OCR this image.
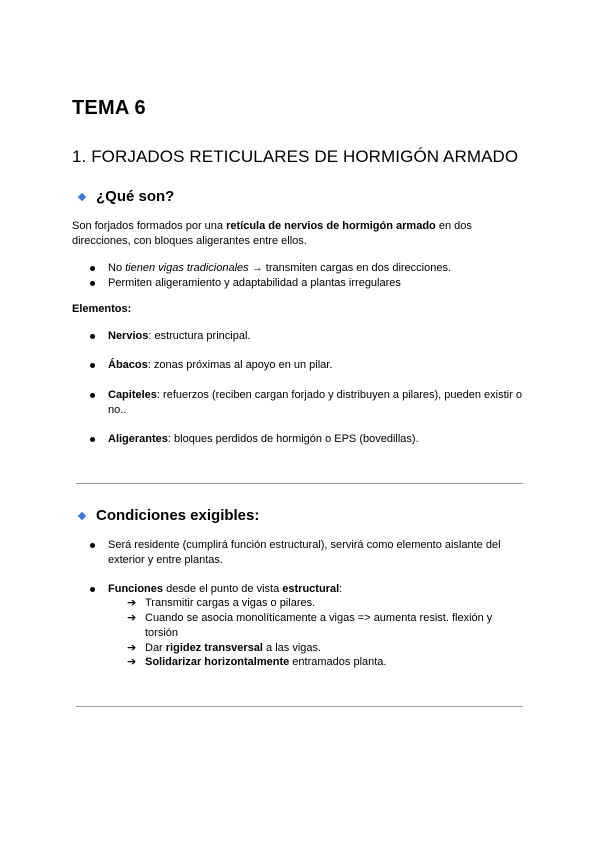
TEMA 6
1. FORJADOS RETICULARES DE HORMIGÓN ARMADO
¿Qué son?
Son forjados formados por una retícula de nervios de hormigón armado en dos
direcciones, con bloques aligerantes entre ellos.
No tienen vigas tradicionales → transmiten cargas en dos direcciones.
Permiten aligeramiento y adaptabilidad a plantas irregulares
Elementos:
Nervios: estructura principal.
Ábacos: zonas próximas al apoyo en un pilar.
Capiteles: refuerzos (reciben cargan forjado y distribuyen a pilares), pueden existir o
no..
Aligerantes: bloques perdidos de hormigón o EPS (bovedillas).
Condiciones exigibles:
Será residente (cumplirá función estructural), servirá como elemento aislante del
exterior y entre plantas.
Funciones desde el punto de vista estructural:
➔ Transmitir cargas a vigas o pilares.
➔ Cuando se asocia monolíticamente a vigas => aumenta resist. flexión y
torsión
➔ Dar rigidez transversal a las vigas.
➔ Solidarizar horizontalmente entramados planta.
